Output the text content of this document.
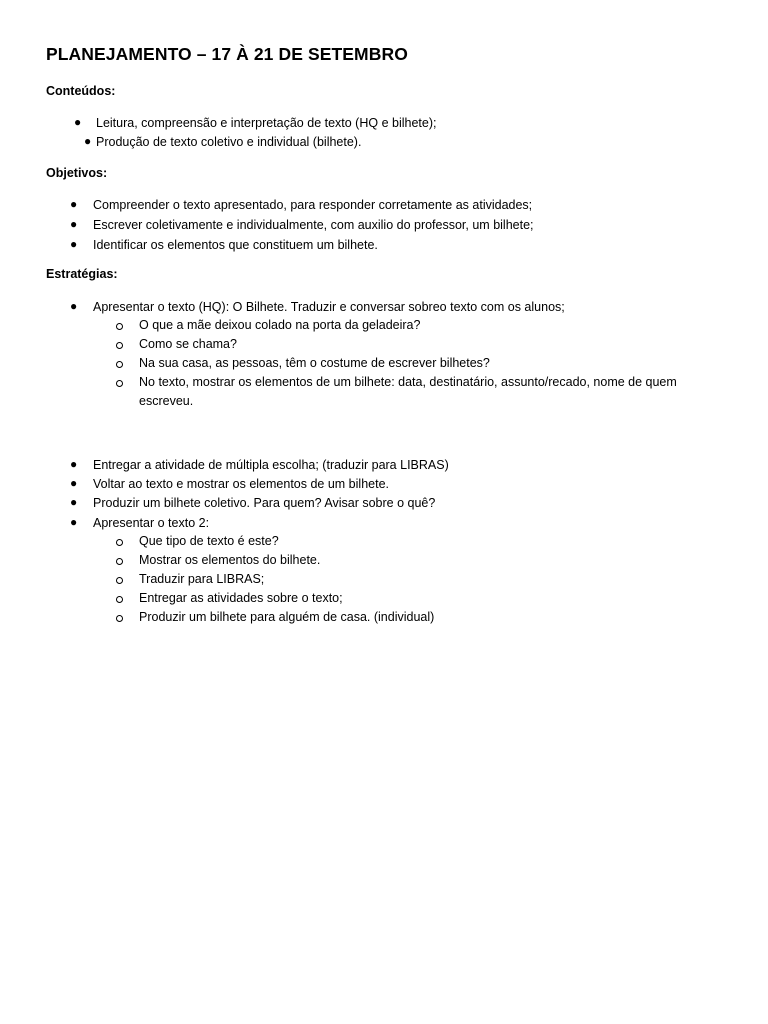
PLANEJAMENTO – 17 À 21 DE SETEMBRO
Conteúdos:
● Leitura, compreensão e interpretação de texto (HQ e bilhete);
● Produção de texto coletivo e individual (bilhete).
Objetivos:
● Compreender o texto apresentado, para responder corretamente as atividades;
● Escrever coletivamente e individualmente, com auxilio do professor, um bilhete;
● Identificar os elementos que constituem um bilhete.
Estratégias:
● Apresentar o texto (HQ): O Bilhete. Traduzir e conversar sobreo texto com os alunos;
O que a mãe deixou colado na porta da geladeira?
Como se chama?
Na sua casa, as pessoas, têm o costume de escrever bilhetes?
No texto, mostrar os elementos de um bilhete: data, destinatário, assunto/recado, nome de quem escreveu.
● Entregar a atividade de múltipla escolha; (traduzir para LIBRAS)
● Voltar ao texto e mostrar os elementos de um bilhete.
● Produzir um bilhete coletivo. Para quem? Avisar sobre o quê?
● Apresentar o texto 2:
Que tipo de texto é este?
Mostrar os elementos do bilhete.
Traduzir para LIBRAS;
Entregar as atividades sobre o texto;
Produzir um bilhete para alguém de casa. (individual)
